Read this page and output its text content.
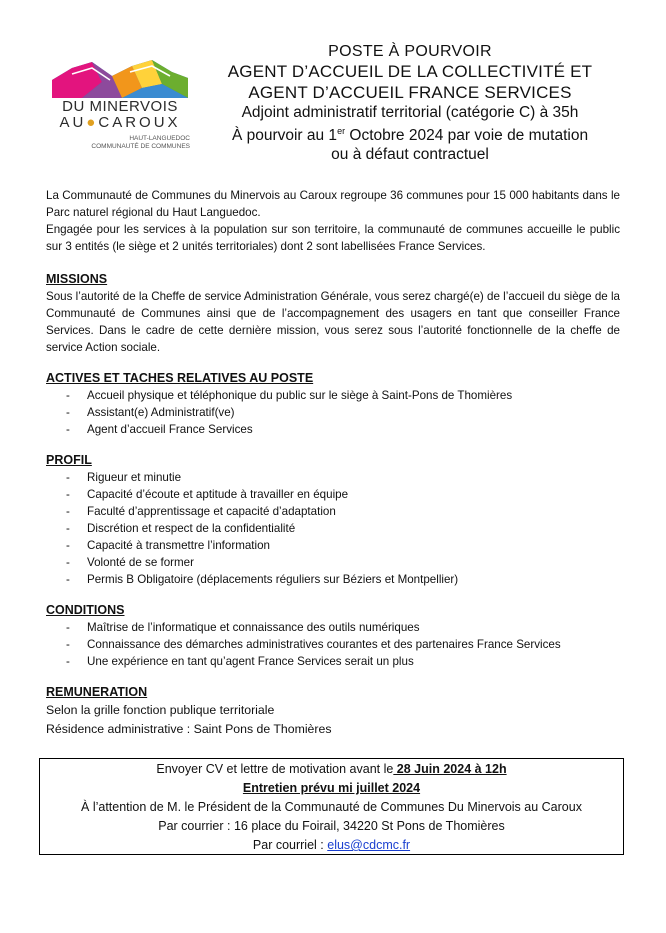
DU MINERVOIS
AU●CAROUX
HAUT-LANGUEDOC
COMMUNAUTÉ DE COMMUNES
POSTE À POURVOIR
AGENT D’ACCUEIL DE LA COLLECTIVITÉ ET
AGENT D’ACCUEIL FRANCE SERVICES
Adjoint administratif territorial (catégorie C) à 35h
À pourvoir au 1er Octobre 2024 par voie de mutation
ou à défaut contractuel

La Communauté de Communes du Minervois au Caroux regroupe 36 communes pour 15 000 habitants dans le Parc naturel régional du Haut Languedoc.

Engagée pour les services à la population sur son territoire, la communauté de communes accueille le public sur 3 entités (le siège et 2 unités territoriales) dont 2 sont labellisées France Services.

MISSIONS

Sous l’autorité de la Cheffe de service Administration Générale, vous serez chargé(e) de l’accueil du siège de la Communauté de Communes ainsi que de l’accompagnement des usagers en tant que conseiller France Services. Dans le cadre de cette dernière mission, vous serez sous l’autorité fonctionnelle de la cheffe de service Action sociale.

ACTIVES ET TACHES RELATIVES AU POSTE
- Accueil physique et téléphonique du public sur le siège à Saint-Pons de Thomières
- Assistant(e) Administratif(ve)
- Agent d’accueil France Services
PROFIL
- Rigueur et minutie
- Capacité d’écoute et aptitude à travailler en équipe
- Faculté d’apprentissage et capacité d’adaptation
- Discrétion et respect de la confidentialité
- Capacité à transmettre l’information
- Volonté de se former
- Permis B Obligatoire (déplacements réguliers sur Béziers et Montpellier)
CONDITIONS
- Maîtrise de l’informatique et connaissance des outils numériques
- Connaissance des démarches administratives courantes et des partenaires France Services
- Une expérience en tant qu’agent France Services serait un plus
REMUNERATION

Selon la grille fonction publique territoriale

Résidence administrative : Saint Pons de Thomières

Envoyer CV et lettre de motivation avant le 28 Juin 2024 à 12h
Entretien prévu mi juillet 2024
À l’attention de M. le Président de la Communauté de Communes Du Minervois au Caroux
Par courrier : 16 place du Foirail, 34220 St Pons de Thomières
Par courriel : elus@cdcmc.fr
